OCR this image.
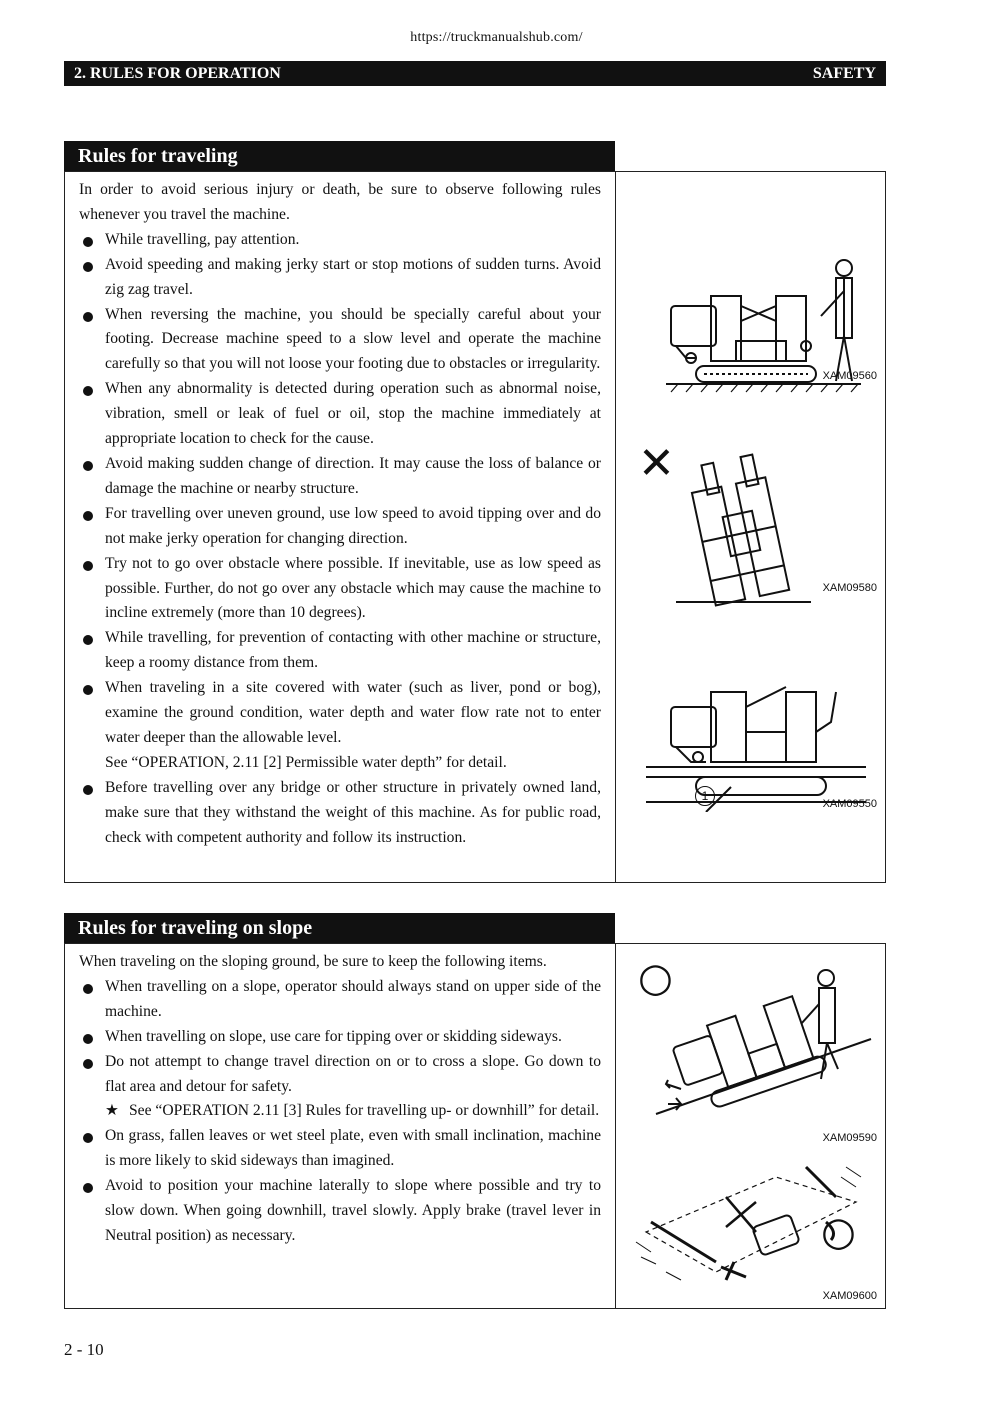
https://truckmanualshub.com/
2. RULES FOR OPERATION	SAFETY
Rules for traveling
In order to avoid serious injury or death, be sure to observe following rules whenever you travel the machine.
While travelling, pay attention.
Avoid speeding and making jerky start or stop motions of sudden turns. Avoid zig zag travel.
When reversing the machine, you should be specially careful about your footing. Decrease machine speed to a slow level and operate the machine carefully so that you will not loose your footing due to obstacles or irregularity.
When any abnormality is detected during operation such as abnormal noise, vibration, smell or leak of fuel or oil, stop the machine immediately at appropriate location to check for the cause.
Avoid making sudden change of direction. It may cause the loss of balance or damage the machine or nearby structure.
For travelling over uneven ground, use low speed to avoid tipping over and do not make jerky operation for changing direction.
Try not to go over obstacle where possible. If inevitable, use as low speed as possible. Further, do not go over any obstacle which may cause the machine to incline extremely (more than 10 degrees).
While travelling, for prevention of contacting with other machine or structure, keep a roomy distance from them.
When traveling in a site covered with water (such as liver, pond or bog), examine the ground condition, water depth and water flow rate not to enter water deeper than the allowable level.
See “OPERATION, 2.11 [2] Permissible water depth” for detail.
Before travelling over any bridge or other structure in privately owned land, make sure that they withstand the weight of this machine. As for public road, check with competent authority and follow its instruction.
XAM09560
✕
XAM09580
1
XAM09550
Rules for traveling on slope
When traveling on the sloping ground, be sure to keep the following items.
When travelling on a slope, operator should always stand on upper side of the machine.
When travelling on slope, use care for tipping over or skidding sideways.
Do not attempt to change travel direction on or to cross a slope. Go down to flat area and detour for safety.
★ See “OPERATION 2.11 [3] Rules for travelling up- or downhill” for detail.
On grass, fallen leaves or wet steel plate, even with small inclination, machine is more likely to skid sideways than imagined.
Avoid to position your machine laterally to slope where possible and try to slow down. When going downhill, travel slowly. Apply brake (travel lever in Neutral position) as necessary.
○
XAM09590
○
XAM09600
2 - 10
